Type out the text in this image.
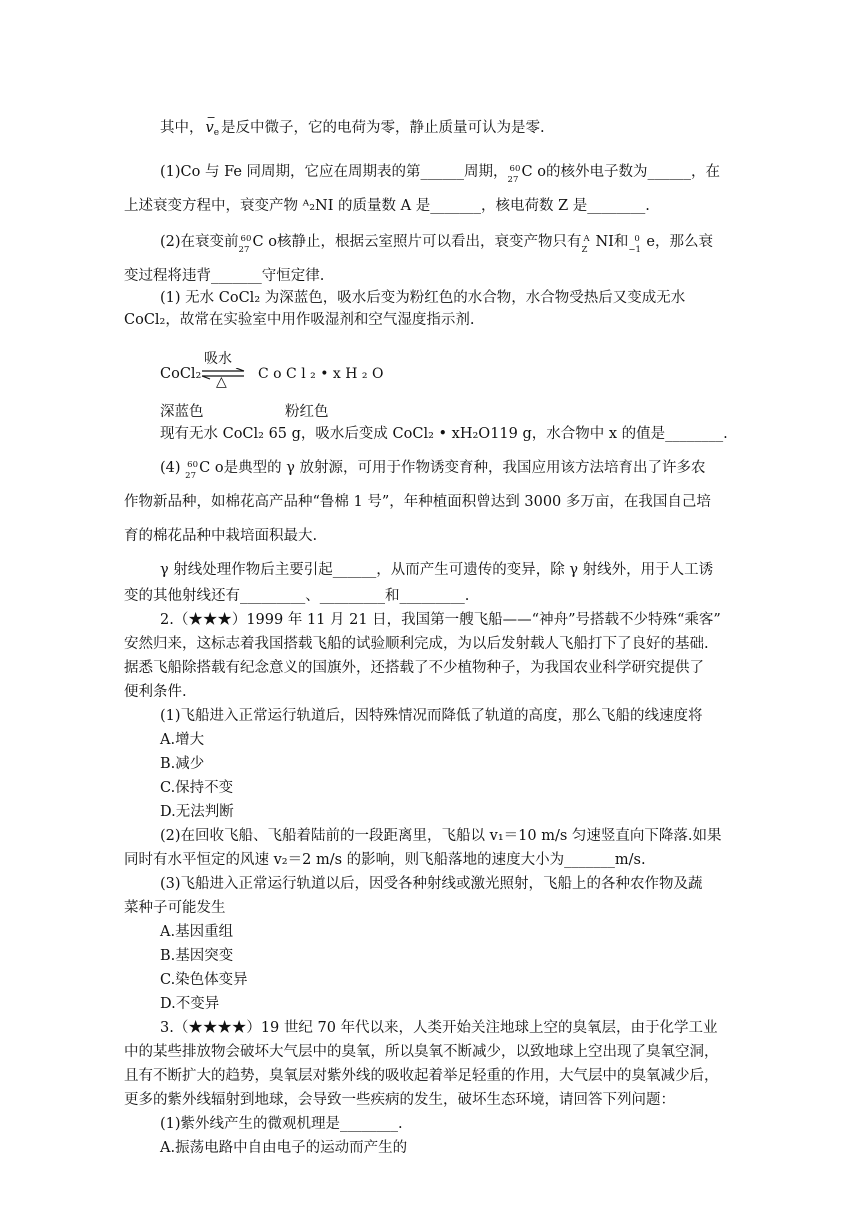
其中，
−
$v_e$ 是反中微子，它的电荷为零，静止质量可认为是零.
(1)Co 与 Fe 同周期，它应在周期表的第______周期， 60
27 C o的核外电子数为______，在
上述衰变方程中，衰变产物 ᴬ₂NI 的质量数 A 是_______，核电荷数 Z 是________.
(2)在衰变前 60
27 C o核静止，根据云室照片可以看出，衰变产物只有 A
Z NI和 0
−1 e，那么衰
变过程将违背_______守恒定律.
(1) 无水 CoCl₂ 为深蓝色，吸水后变为粉红色的水合物，水合物受热后又变成无水
CoCl₂，故常在实验室中用作吸湿剂和空气湿度指示剂.
CoCl₂
吸水
△ C o C l ₂ • x H ₂ O
深蓝色	粉红色
现有无水 CoCl₂ 65 g，吸水后变成 CoCl₂ • xH₂O119 g，水合物中 x 的值是________.
(4) 60
27 C o是典型的 γ 放射源，可用于作物诱变育种，我国应用该方法培育出了许多农
作物新品种，如棉花高产品种“鲁棉 1 号”，年种植面积曾达到 3000 多万亩，在我国自己培
育的棉花品种中栽培面积最大.
γ 射线处理作物后主要引起______，从而产生可遗传的变异，除 γ 射线外，用于人工诱
变的其他射线还有_________、_________和_________.
2.（★★★）1999 年 11 月 21 日，我国第一艘飞船——“神舟”号搭载不少特殊“乘客”
安然归来，这标志着我国搭载飞船的试验顺利完成，为以后发射载人飞船打下了良好的基础.
据悉飞船除搭载有纪念意义的国旗外，还搭载了不少植物种子，为我国农业科学研究提供了
便利条件.
(1)飞船进入正常运行轨道后，因特殊情况而降低了轨道的高度，那么飞船的线速度将
A.增大
B.减少
C.保持不变
D.无法判断
(2)在回收飞船、飞船着陆前的一段距离里，飞船以 v₁＝10 m/s 匀速竖直向下降落.如果
同时有水平恒定的风速 v₂＝2 m/s 的影响，则飞船落地的速度大小为_______m/s.
(3)飞船进入正常运行轨道以后，因受各种射线或激光照射，飞船上的各种农作物及蔬
菜种子可能发生
A.基因重组
B.基因突变
C.染色体变异
D.不变异
3.（★★★★）19 世纪 70 年代以来，人类开始关注地球上空的臭氧层，由于化学工业
中的某些排放物会破坏大气层中的臭氧，所以臭氧不断减少，以致地球上空出现了臭氧空洞，
且有不断扩大的趋势，臭氧层对紫外线的吸收起着举足轻重的作用，大气层中的臭氧减少后，
更多的紫外线辐射到地球，会导致一些疾病的发生，破坏生态环境，请回答下列问题：
(1)紫外线产生的微观机理是________.
A.振荡电路中自由电子的运动而产生的
